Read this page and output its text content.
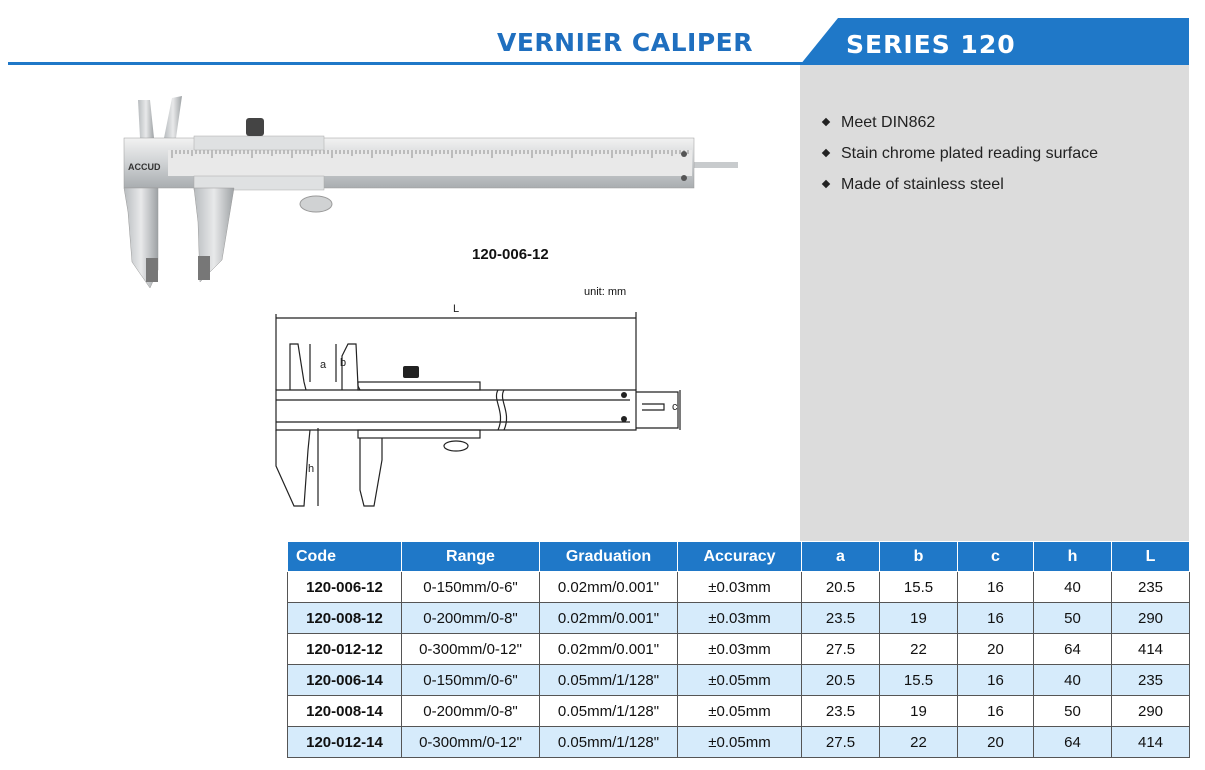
VERNIER CALIPER	SERIES 120
Meet DIN862
Stain chrome plated reading surface
Made of stainless steel
ACCUD
120-006-12
unit: mm
L
a b
c
h
Code	Range	Graduation	Accuracy	a	b	c	h	L
120-006-12	0-150mm/0-6"	0.02mm/0.001"	±0.03mm	20.5	15.5	16	40	235
120-008-12	0-200mm/0-8"	0.02mm/0.001"	±0.03mm	23.5	19	16	50	290
120-012-12	0-300mm/0-12"	0.02mm/0.001"	±0.03mm	27.5	22	20	64	414
120-006-14	0-150mm/0-6"	0.05mm/1/128"	±0.05mm	20.5	15.5	16	40	235
120-008-14	0-200mm/0-8"	0.05mm/1/128"	±0.05mm	23.5	19	16	50	290
120-012-14	0-300mm/0-12"	0.05mm/1/128"	±0.05mm	27.5	22	20	64	414
